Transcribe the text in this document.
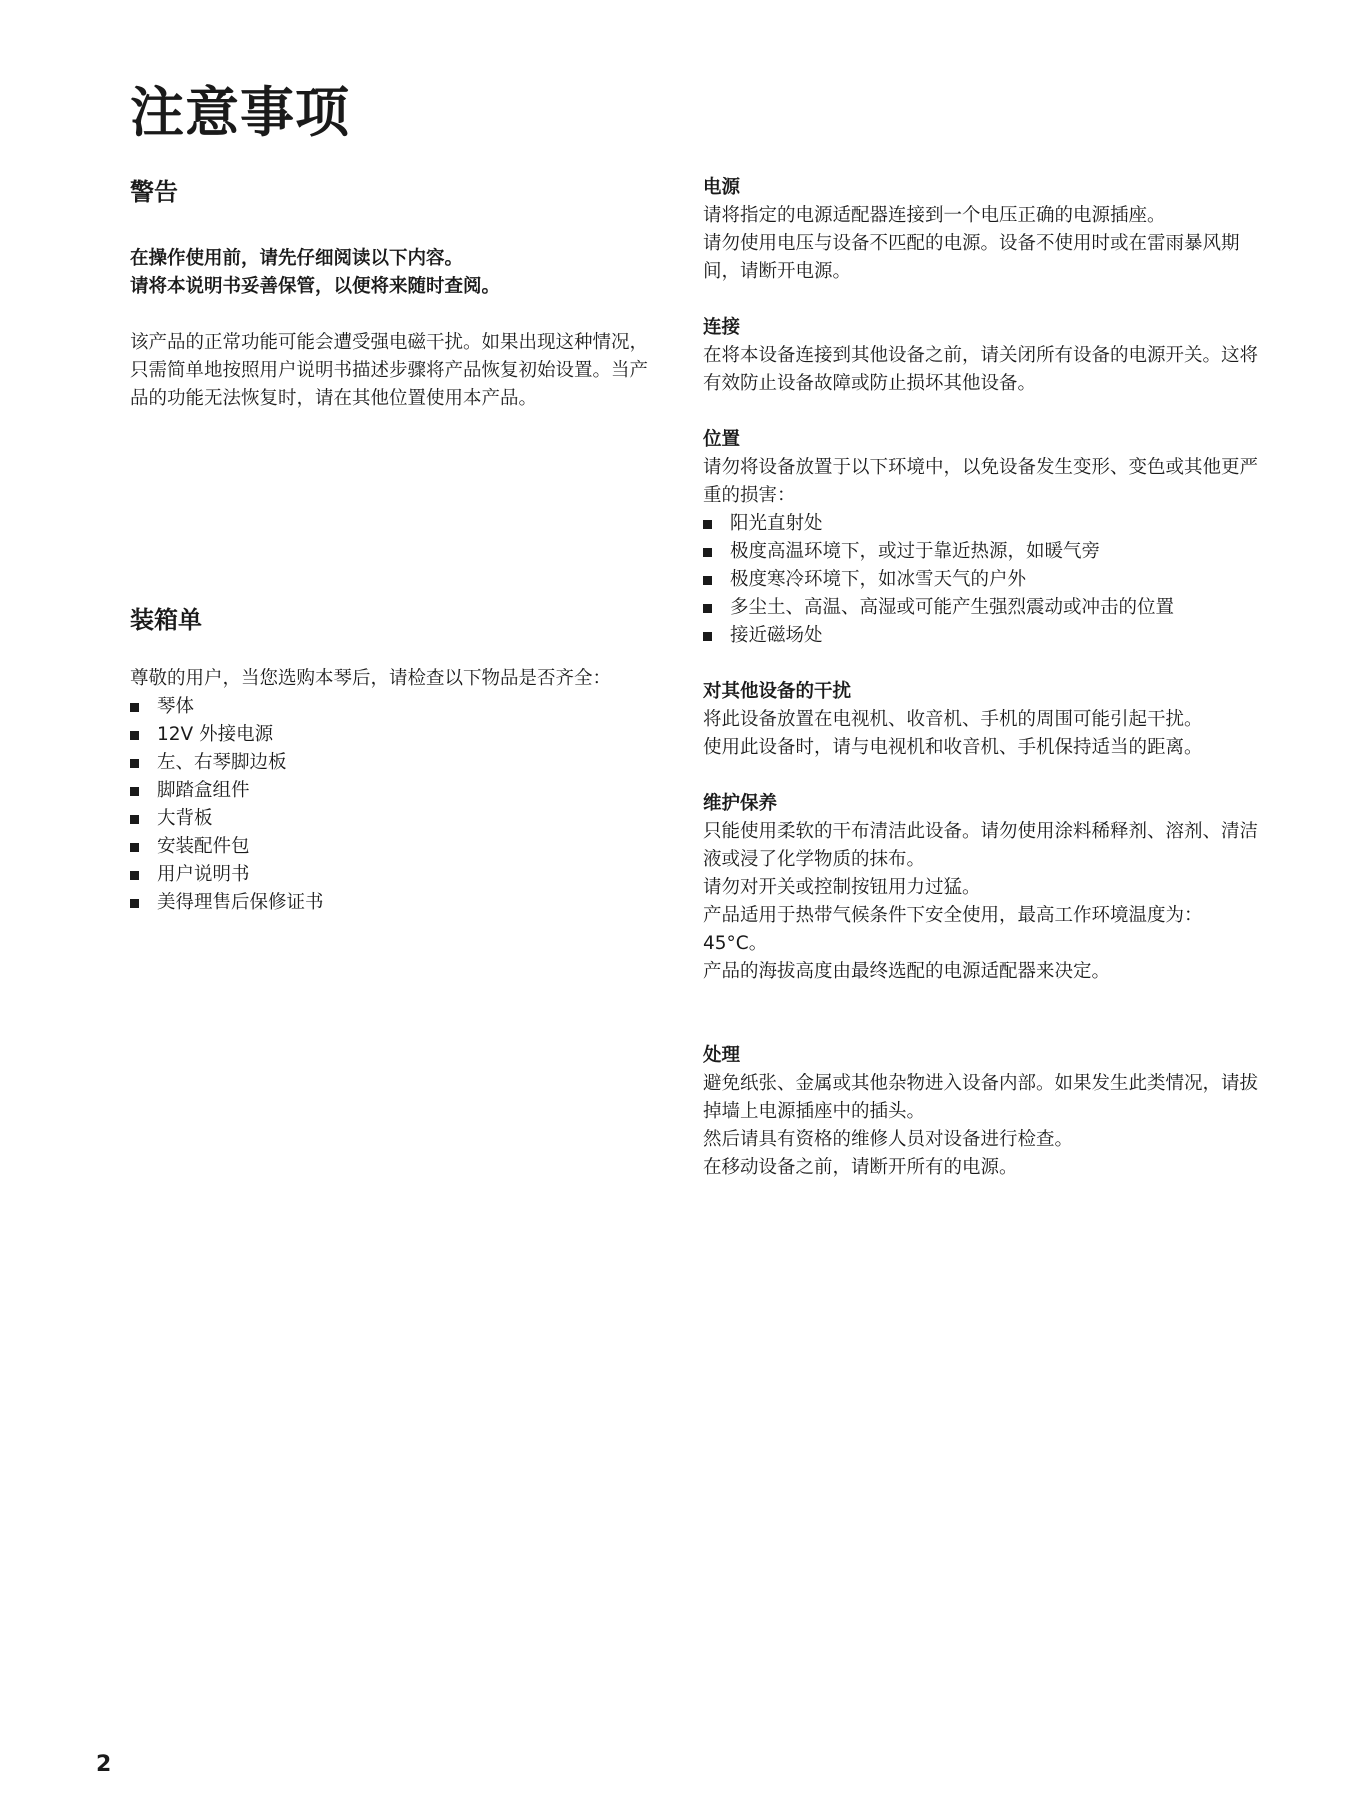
注意事项
警告

在操作使用前，请先仔细阅读以下内容。

请将本说明书妥善保管，以便将来随时查阅。

该产品的正常功能可能会遭受强电磁干扰。如果出现这种情况，只需简单地按照用户说明书描述步骤将产品恢复初始设置。当产品的功能无法恢复时，请在其他位置使用本产品。

装箱单

尊敬的用户，当您选购本琴后，请检查以下物品是否齐全：

琴体
12V 外接电源
左、右琴脚边板
脚踏盒组件
大背板
安装配件包
用户说明书
美得理售后保修证书
电源

请将指定的电源适配器连接到一个电压正确的电源插座。

请勿使用电压与设备不匹配的电源。设备不使用时或在雷雨暴风期间，请断开电源。

连接

在将本设备连接到其他设备之前，请关闭所有设备的电源开关。这将有效防止设备故障或防止损坏其他设备。

位置

请勿将设备放置于以下环境中，以免设备发生变形、变色或其他更严重的损害：

阳光直射处
极度高温环境下，或过于靠近热源，如暖气旁
极度寒冷环境下，如冰雪天气的户外
多尘土、高温、高湿或可能产生强烈震动或冲击的位置
接近磁场处
对其他设备的干扰

将此设备放置在电视机、收音机、手机的周围可能引起干扰。

使用此设备时，请与电视机和收音机、手机保持适当的距离。

维护保养

只能使用柔软的干布清洁此设备。请勿使用涂料稀释剂、溶剂、清洁液或浸了化学物质的抹布。

请勿对开关或控制按钮用力过猛。

产品适用于热带气候条件下安全使用，最高工作环境温度为：45°C。

产品的海拔高度由最终选配的电源适配器来决定。

处理

避免纸张、金属或其他杂物进入设备内部。如果发生此类情况，请拔掉墙上电源插座中的插头。

然后请具有资格的维修人员对设备进行检查。

在移动设备之前，请断开所有的电源。

2
